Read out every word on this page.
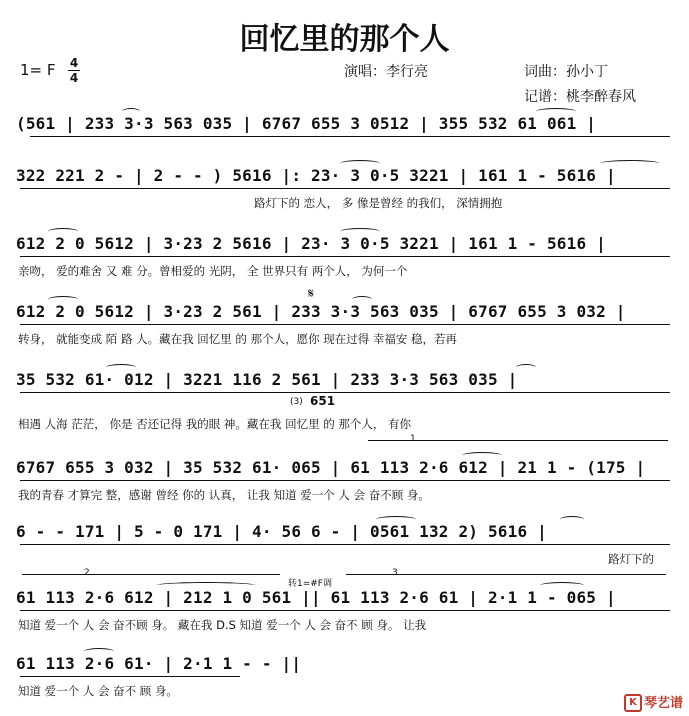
回忆里的那个人
1= F 4
4	演唱：李行亮	词曲：孙小丁
记谱：桃李醉春风
(561 | 233 3·3 563 035 | 6767 655 3 0512 | 355 532 61 061 |
322 221 2 - | 2 - - ) 5616 |: 23· 3 0·5 3221 | 161 1 - 5616 |
路灯下的 恋人， 多 像是曾经 的我们， 深情拥抱
612 2 0 5612 | 3·23 2 5616 | 23· 3 0·5 3221 | 161 1 - 5616 |
亲吻， 爱的难舍 又 难 分。曾相爱的 光阴， 全 世界只有 两个人， 为何一个
612 2 0 5612 | 3·23 2 561 | 233 3·3 563 035 | 6767 655 3 032 |
𝄋
转身， 就能变成 陌 路 人。藏在我 回忆里 的 那个人，愿你 现在过得 幸福安 稳，若再
35 532 61· 012 | 3221 116 2 561 | 233 3·3 563 035 |
(3) 651
相遇 人海 茫茫， 你是 否还记得 我的眼 神。藏在我 回忆里 的 那个人， 有你
1
6767 655 3 032 | 35 532 61· 065 | 61 113 2·6 612 | 21 1 - (175 |
我的青春 才算完 整，感谢 曾经 你的 认真， 让我 知道 爱一个 人 会 奋不顾 身。
6 - - 171 | 5 - 0 171 | 4· 56 6 - | 0561 132 2) 5616 |
路灯下的
2	3
转1=#F调
61 113 2·6 612 | 212 1 0 561 || 61 113 2·6 61 | 2·1 1 - 065 |
知道 爱一个 人 会 奋不顾 身。 藏在我 D.S 知道 爱一个 人 会 奋不 顾 身。 让我
61 113 2·6 61· | 2·1 1 - - ||
知道 爱一个 人 会 奋不 顾 身。
K 琴艺谱
